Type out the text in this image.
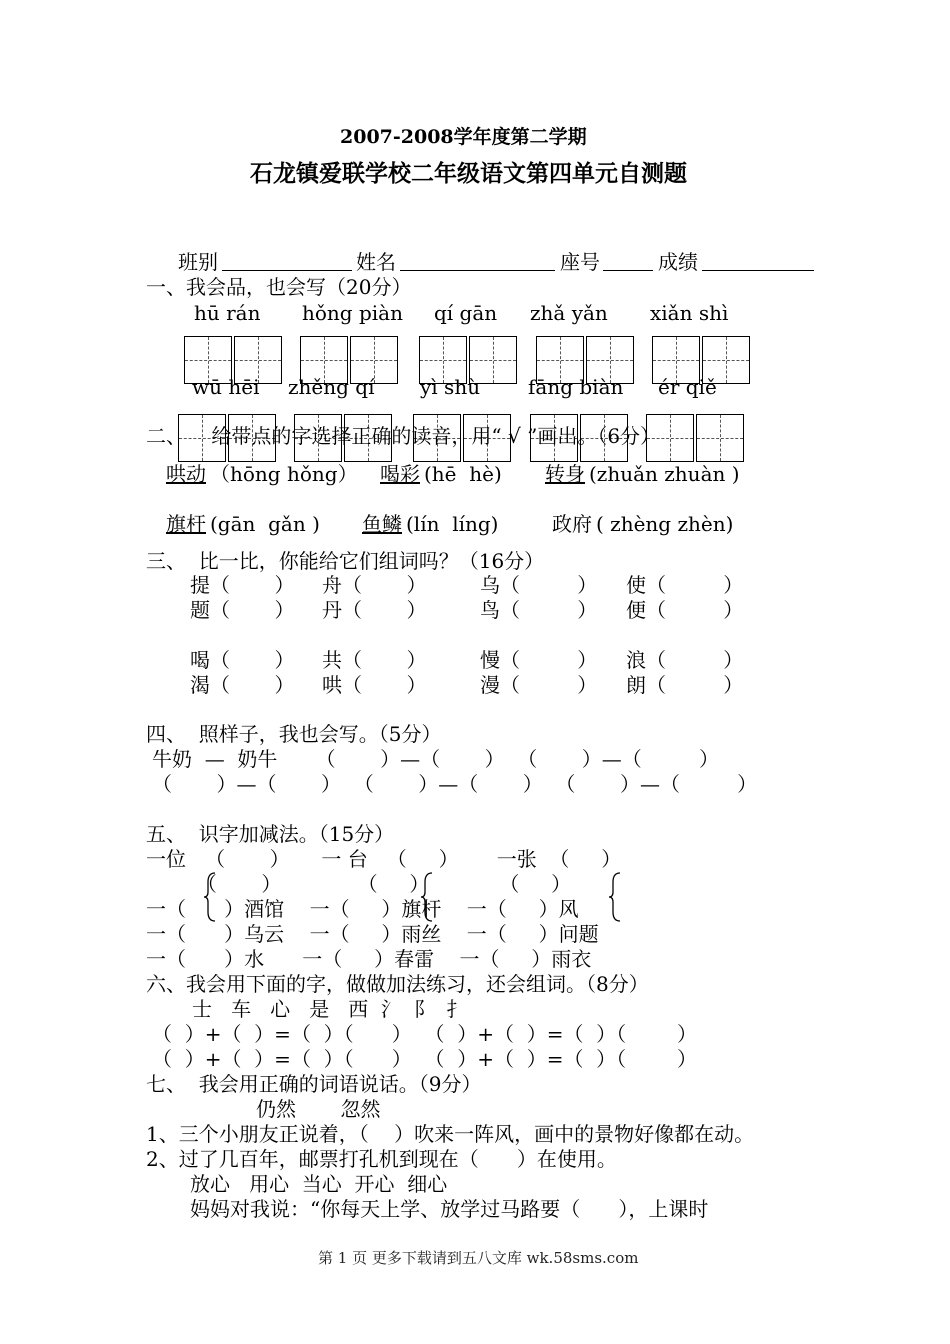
2007-2008学年度第二学期
石龙镇爱联学校二年级语文第四单元自测题
班别	姓名	座号	成绩
一、我会品，也会写（20分）
hū rán hǒng piàn qí gān zhǎ yǎn xiǎn shì
wū hēi zhěng qí yì shù fāng biàn ér qiě
二、    给带点的字选择正确的读音，用“ √ ”画出。（6分）
哄动 （hōng hǒng） 喝彩 (hē  hè) 转身 (zhuǎn zhuàn )
旗杆 (gān  gǎn ) 鱼鳞 (lín  líng)	政府 ( zhèng zhèn)
三、  比一比，你能给它们组词吗？（16分）
提（       ） 舟（       ）	乌（         ） 使（         ）
题（       ） 丹（       ）	鸟（         ） 便（         ）
喝（       ） 共（       ）	慢（         ） 浪（         ）
渴（       ） 哄（       ）	漫（         ） 朗（         ）
四、  照样子，我也会写。（5分）
牛奶  —  奶牛      （       ）—（       ）  （       ）—（         ）
（       ）—（       ）  （       ）—（       ）  （       ）—（         ）
五、  识字加减法。（15分）
一位   （       ）     一 台   （     ）      一张  （     ）
（       ）            （     ）           （     ）
一（      ）酒馆    一（     ）旗杆    一（     ）风
一（      ）乌云    一（     ）雨丝    一（     ）问题
一（      ）水      一（     ）春雷    一（     ）雨衣
六、我会用下面的字，做做加法练习，还会组词。（8分）
士   车   心   是   西  氵  阝  扌
（  ）+（  ）=（  ）（      ）  （  ）+（  ）=（  ）（        ）
（  ）+（  ）=（  ）（      ）  （  ）+（  ）=（  ）（        ）
七、  我会用正确的词语说话。（9分）
仍然       忽然
1、三个小朋友正说着，（    ）吹来一阵风，画中的景物好像都在动。
2、过了几百年，邮票打孔机到现在（      ）在使用。
放心   用心  当心  开心  细心
妈妈对我说：“你每天上学、放学过马路要（      ），上课时
第 1 页 更多下载请到五八文库 wk.58sms.com
